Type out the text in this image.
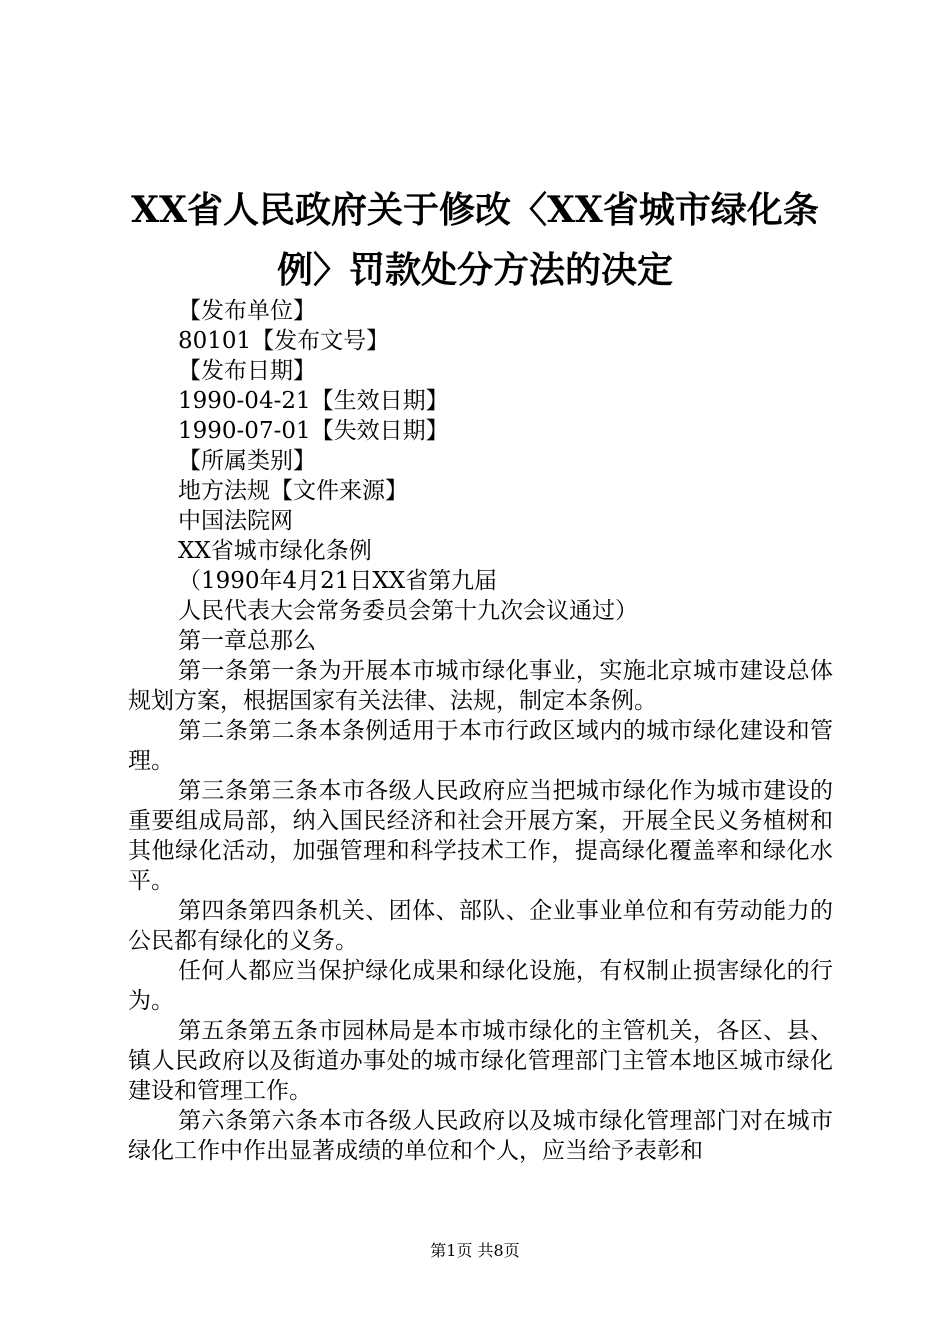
XX省人民政府关于修改〈XX省城市绿化条
例〉罚款处分方法的决定
【发布单位】
80101【发布文号】
【发布日期】
1990-04-21【生效日期】
1990-07-01【失效日期】
【所属类别】
地方法规【文件来源】
中国法院网
XX省城市绿化条例
（1990年4月21日XX省第九届
人民代表大会常务委员会第十九次会议通过）
第一章总那么

第一条第一条为开展本市城市绿化事业，实施北京城市建设总体规划方案，根据国家有关法律、法规，制定本条例。

第二条第二条本条例适用于本市行政区域内的城市绿化建设和管理。

第三条第三条本市各级人民政府应当把城市绿化作为城市建设的重要组成局部，纳入国民经济和社会开展方案，开展全民义务植树和其他绿化活动，加强管理和科学技术工作，提高绿化覆盖率和绿化水平。

第四条第四条机关、团体、部队、企业事业单位和有劳动能力的公民都有绿化的义务。

任何人都应当保护绿化成果和绿化设施，有权制止损害绿化的行为。

第五条第五条市园林局是本市城市绿化的主管机关，各区、县、镇人民政府以及街道办事处的城市绿化管理部门主管本地区城市绿化建设和管理工作。

第六条第六条本市各级人民政府以及城市绿化管理部门对在城市绿化工作中作出显著成绩的单位和个人，应当给予表彰和

第1页 共8页
